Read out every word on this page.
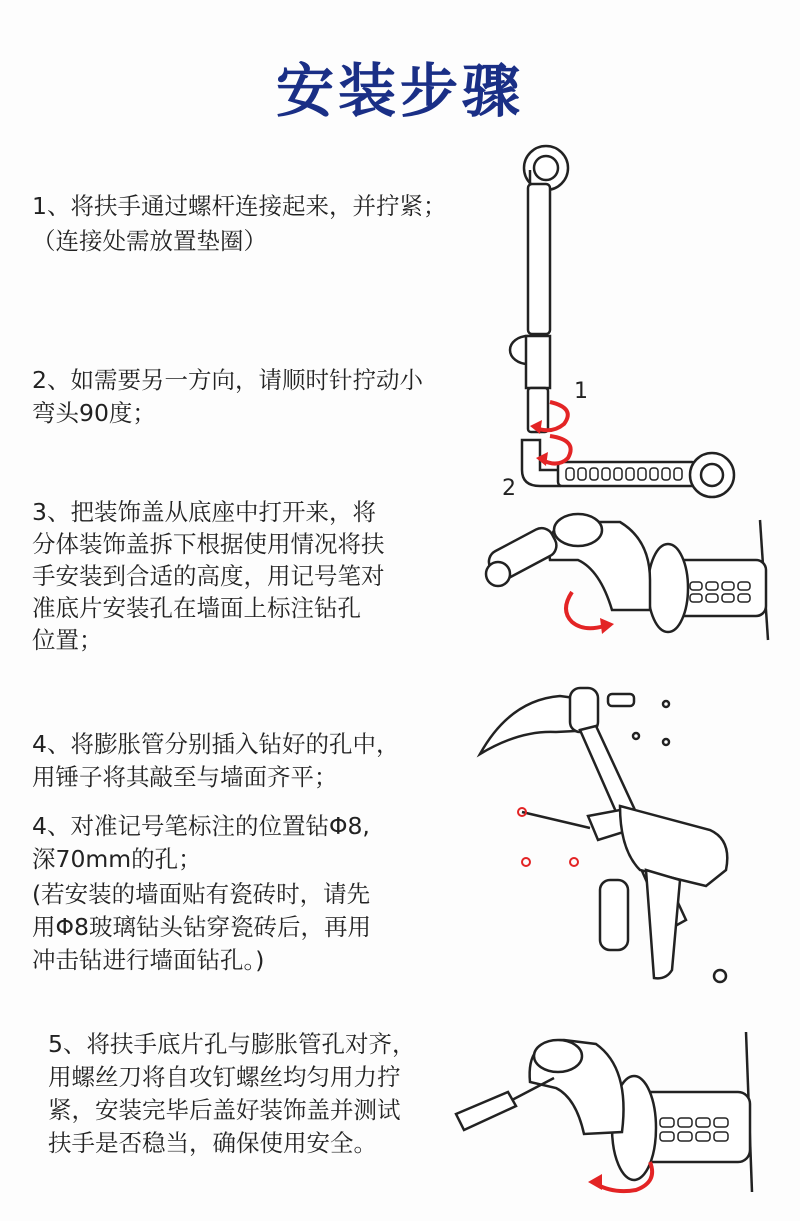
安装步骤

1、将扶手通过螺杆连接起来，并拧紧；

（连接处需放置垫圈）

2、如需要另一方向，请顺时针拧动小

弯头90度；

3、把装饰盖从底座中打开来，将

分体装饰盖拆下根据使用情况将扶

手安装到合适的高度，用记号笔对

准底片安装孔在墙面上标注钻孔

位置；

4、将膨胀管分别插入钻好的孔中，

用锤子将其敲至与墙面齐平；

4、对准记号笔标注的位置钻Φ8,

深70mm的孔；

(若安装的墙面贴有瓷砖时，请先

用Φ8玻璃钻头钻穿瓷砖后，再用

冲击钻进行墙面钻孔。)

5、将扶手底片孔与膨胀管孔对齐，

用螺丝刀将自攻钉螺丝均匀用力拧

紧，安装完毕后盖好装饰盖并测试

扶手是否稳当，确保使用安全。

1
2
